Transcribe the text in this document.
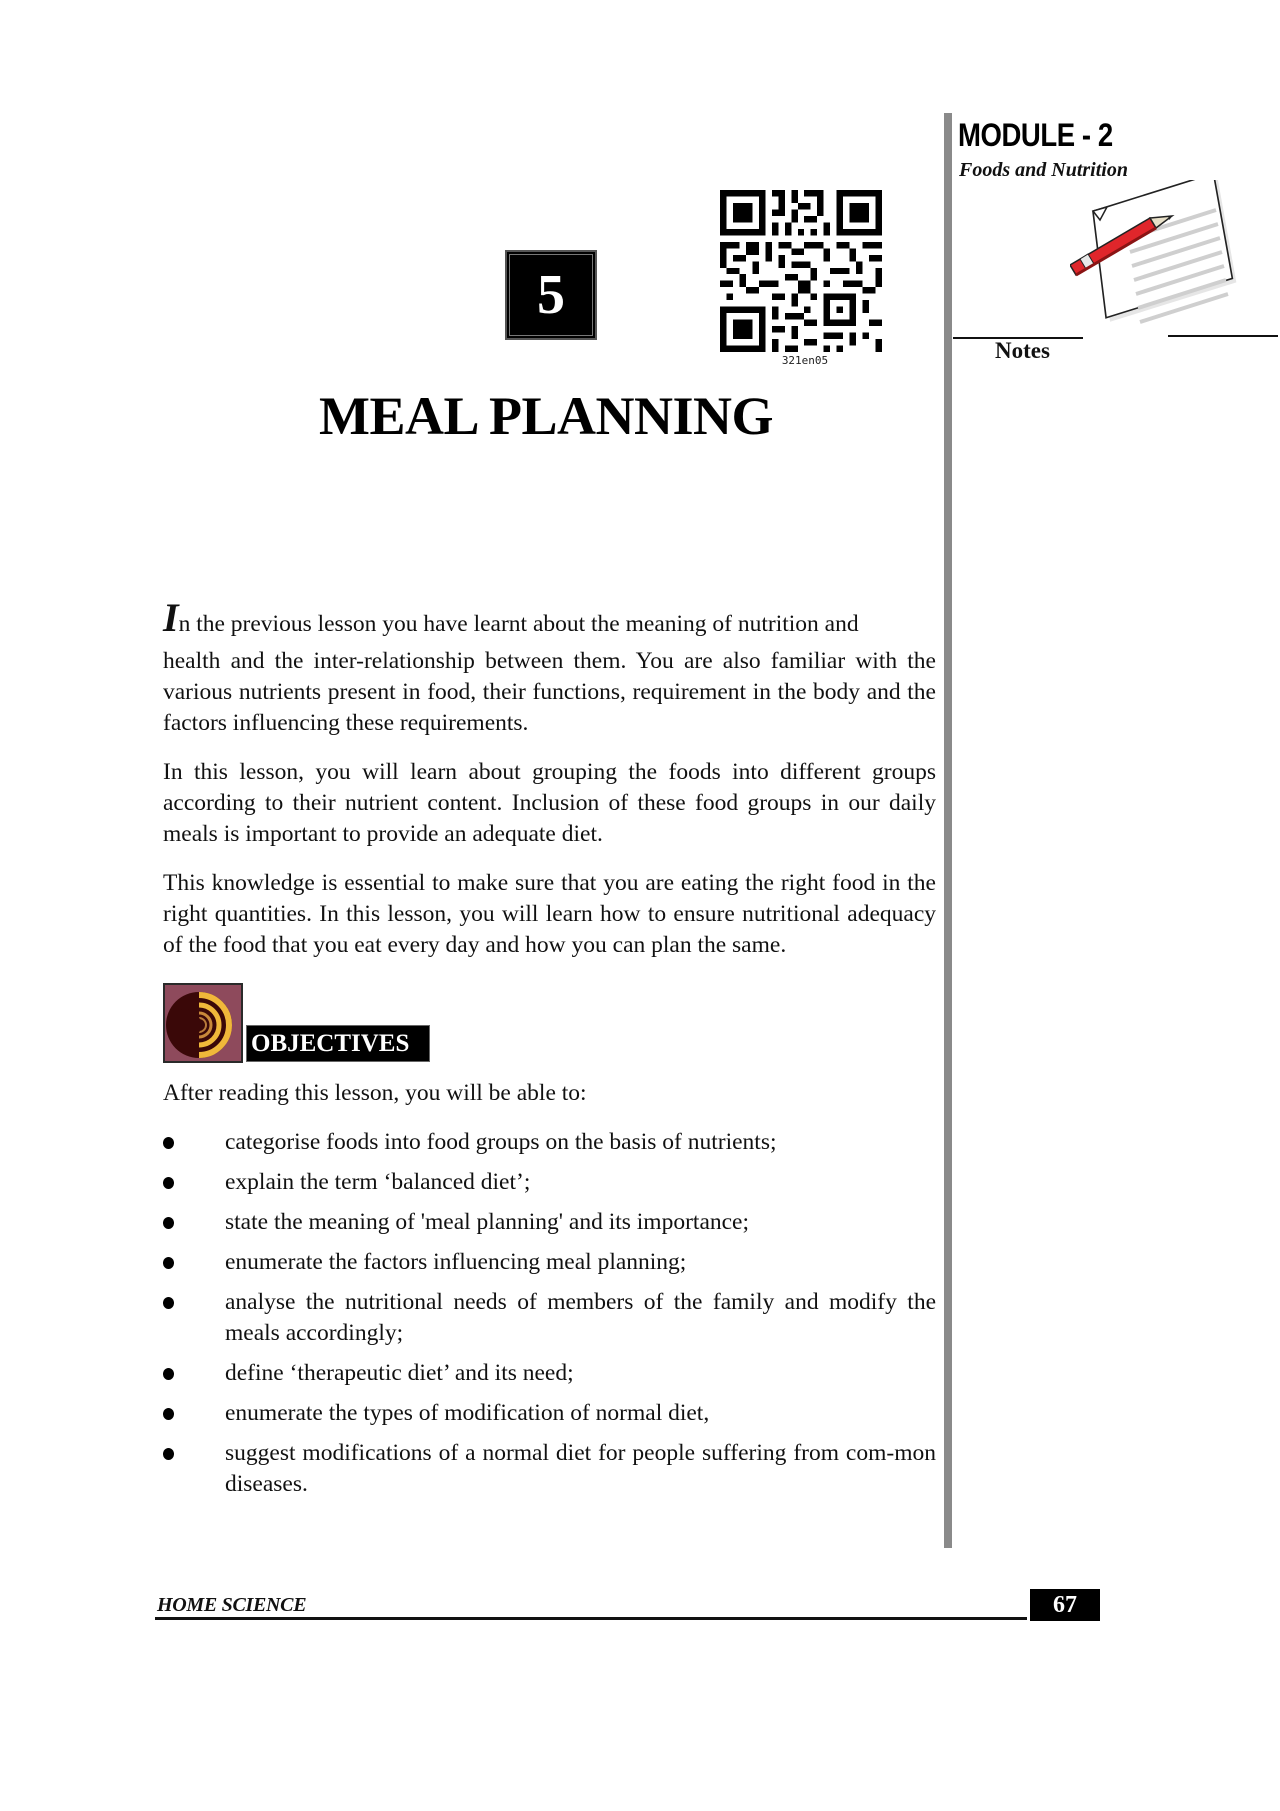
MODULE - 2
Foods and Nutrition
Notes
5
321en05
MEAL PLANNING
In the previous lesson you have learnt about the meaning of nutrition and
health and the inter-relationship between them. You are also familiar with the various nutrients present in food, their functions, requirement in the body and the factors influencing these requirements.
In this lesson, you will learn about grouping the foods into different groups according to their nutrient content. Inclusion of these food groups in our daily meals is important to provide an adequate diet.
This knowledge is essential to make sure that you are eating the right food in the right quantities. In this lesson, you will learn how to ensure nutritional adequacy of the food that you eat every day and how you can plan the same.
OBJECTIVES
After reading this lesson, you will be able to:
categorise foods into food groups on the basis of nutrients;
explain the term ‘balanced diet’;
state the meaning of 'meal planning' and its importance;
enumerate the factors influencing meal planning;
analyse the nutritional needs of members of the family and modify the meals accordingly;
define ‘therapeutic diet’ and its need;
enumerate the types of modification of normal diet,
suggest modifications of a normal diet for people suffering from com-mon diseases.
HOME SCIENCE	67
